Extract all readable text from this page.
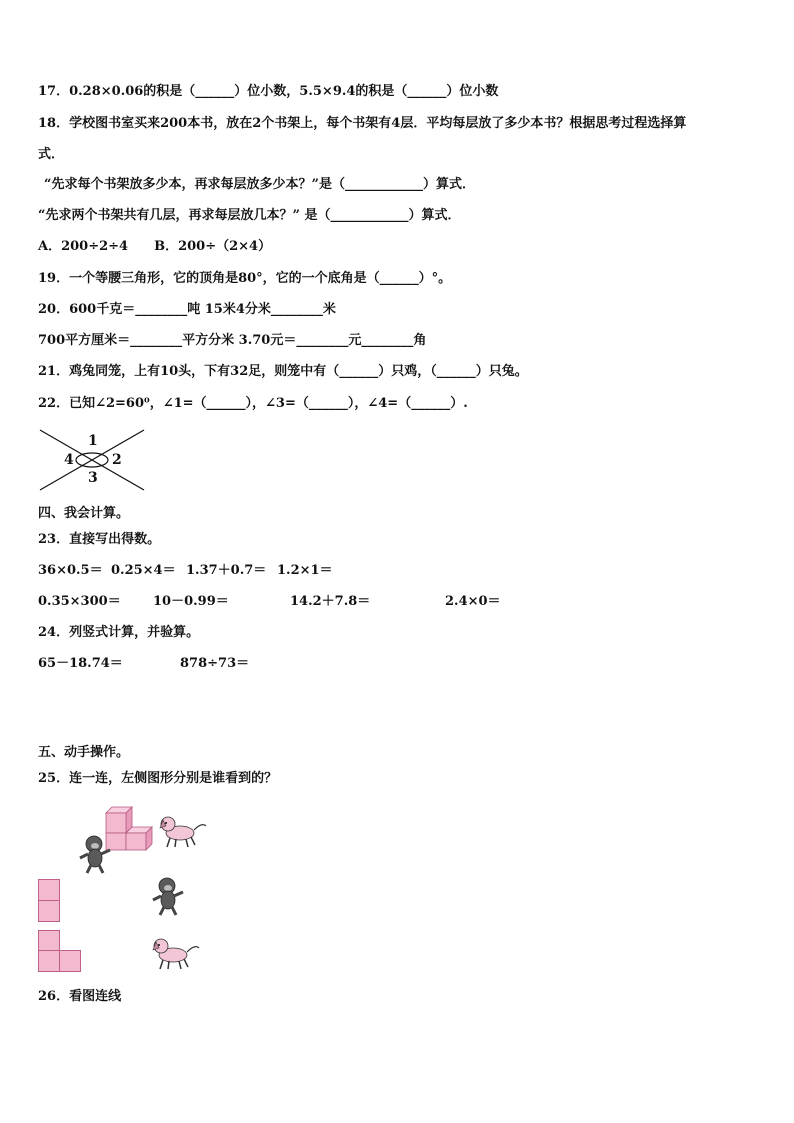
17．0.28×0.06的积是（______）位小数，5.5×9.4的积是（______）位小数
18．学校图书室买来200本书，放在2个书架上，每个书架有4层．平均每层放了多少本书？根据思考过程选择算
式．
“先求每个书架放多少本，再求每层放多少本？”是（____________）算式．
“先求两个书架共有几层，再求每层放几本？” 是（____________）算式．
A．200÷2÷4　　B．200÷（2×4）
19．一个等腰三角形，它的顶角是80°，它的一个底角是（______）°。
20．600千克＝________吨 15米4分米________米
700平方厘米＝________平方分米 3.70元＝________元________角
21．鸡兔同笼，上有10头，下有32足，则笼中有（______）只鸡，（______）只兔。
22．已知∠2=60⁰，∠1=（______），∠3=（______），∠4=（______）.
1
2
3
4
四、我会计算。
23．直接写出得数。
36×0.5＝ 0.25×4＝ 1.37＋0.7＝ 1.2×1＝
0.35×300＝ 10－0.99＝	14.2＋7.8＝	2.4×0＝
24．列竖式计算，并验算。
65－18.74＝	878÷73＝
五、动手操作。
25．连一连，左侧图形分别是谁看到的？
26．看图连线
